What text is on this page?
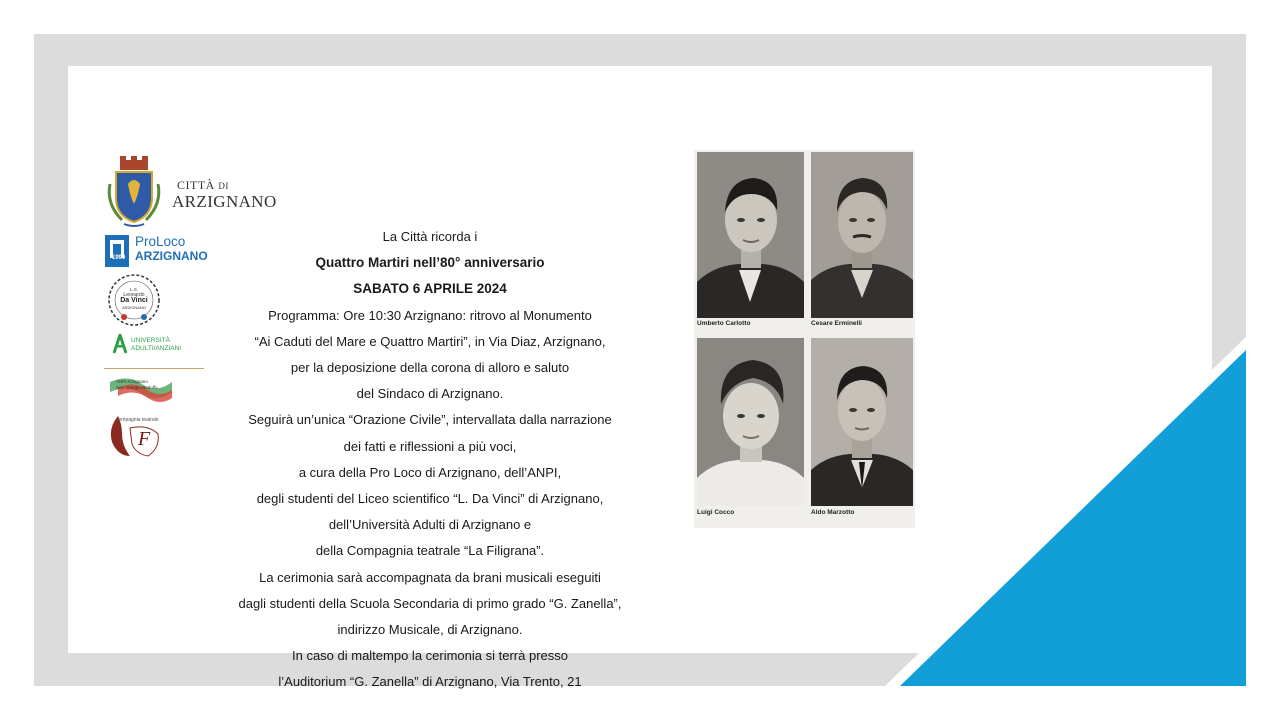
CITTÀ DI
ARZIGNANO
1990
ProLoco
ARZIGNANO
L.S.
Leonardo
Da Vinci
ARZIGNANO
UNIVERSITÀ
ADULTI/ANZIANI
ANPI Arzignano
Sez. Giorgio Rodolfo
compagnia teatrale
F
La Città ricorda i
Quattro Martiri nell’80° anniversario
SABATO 6 APRILE 2024
Programma: Ore 10:30 Arzignano: ritrovo al Monumento
“Ai Caduti del Mare e Quattro Martiri”, in Via Diaz, Arzignano,
per la deposizione della corona di alloro e saluto
del Sindaco di Arzignano.
Seguirà un’unica “Orazione Civile”, intervallata dalla narrazione
dei fatti e riflessioni a più voci,
a cura della Pro Loco di Arzignano, dell’ANPI,
degli studenti del Liceo scientifico “L. Da Vinci” di Arzignano,
dell’Università Adulti di Arzignano e
della Compagnia teatrale “La Filigrana”.
La cerimonia sarà accompagnata da brani musicali eseguiti
dagli studenti della Scuola Secondaria di primo grado “G. Zanella”,
indirizzo Musicale, di Arzignano.
In caso di maltempo la cerimonia si terrà presso
l’Auditorium “G. Zanella” di Arzignano, Via Trento, 21
Umberto Carlotto	Cesare Erminelli
Luigi Cocco	Aldo Marzotto
